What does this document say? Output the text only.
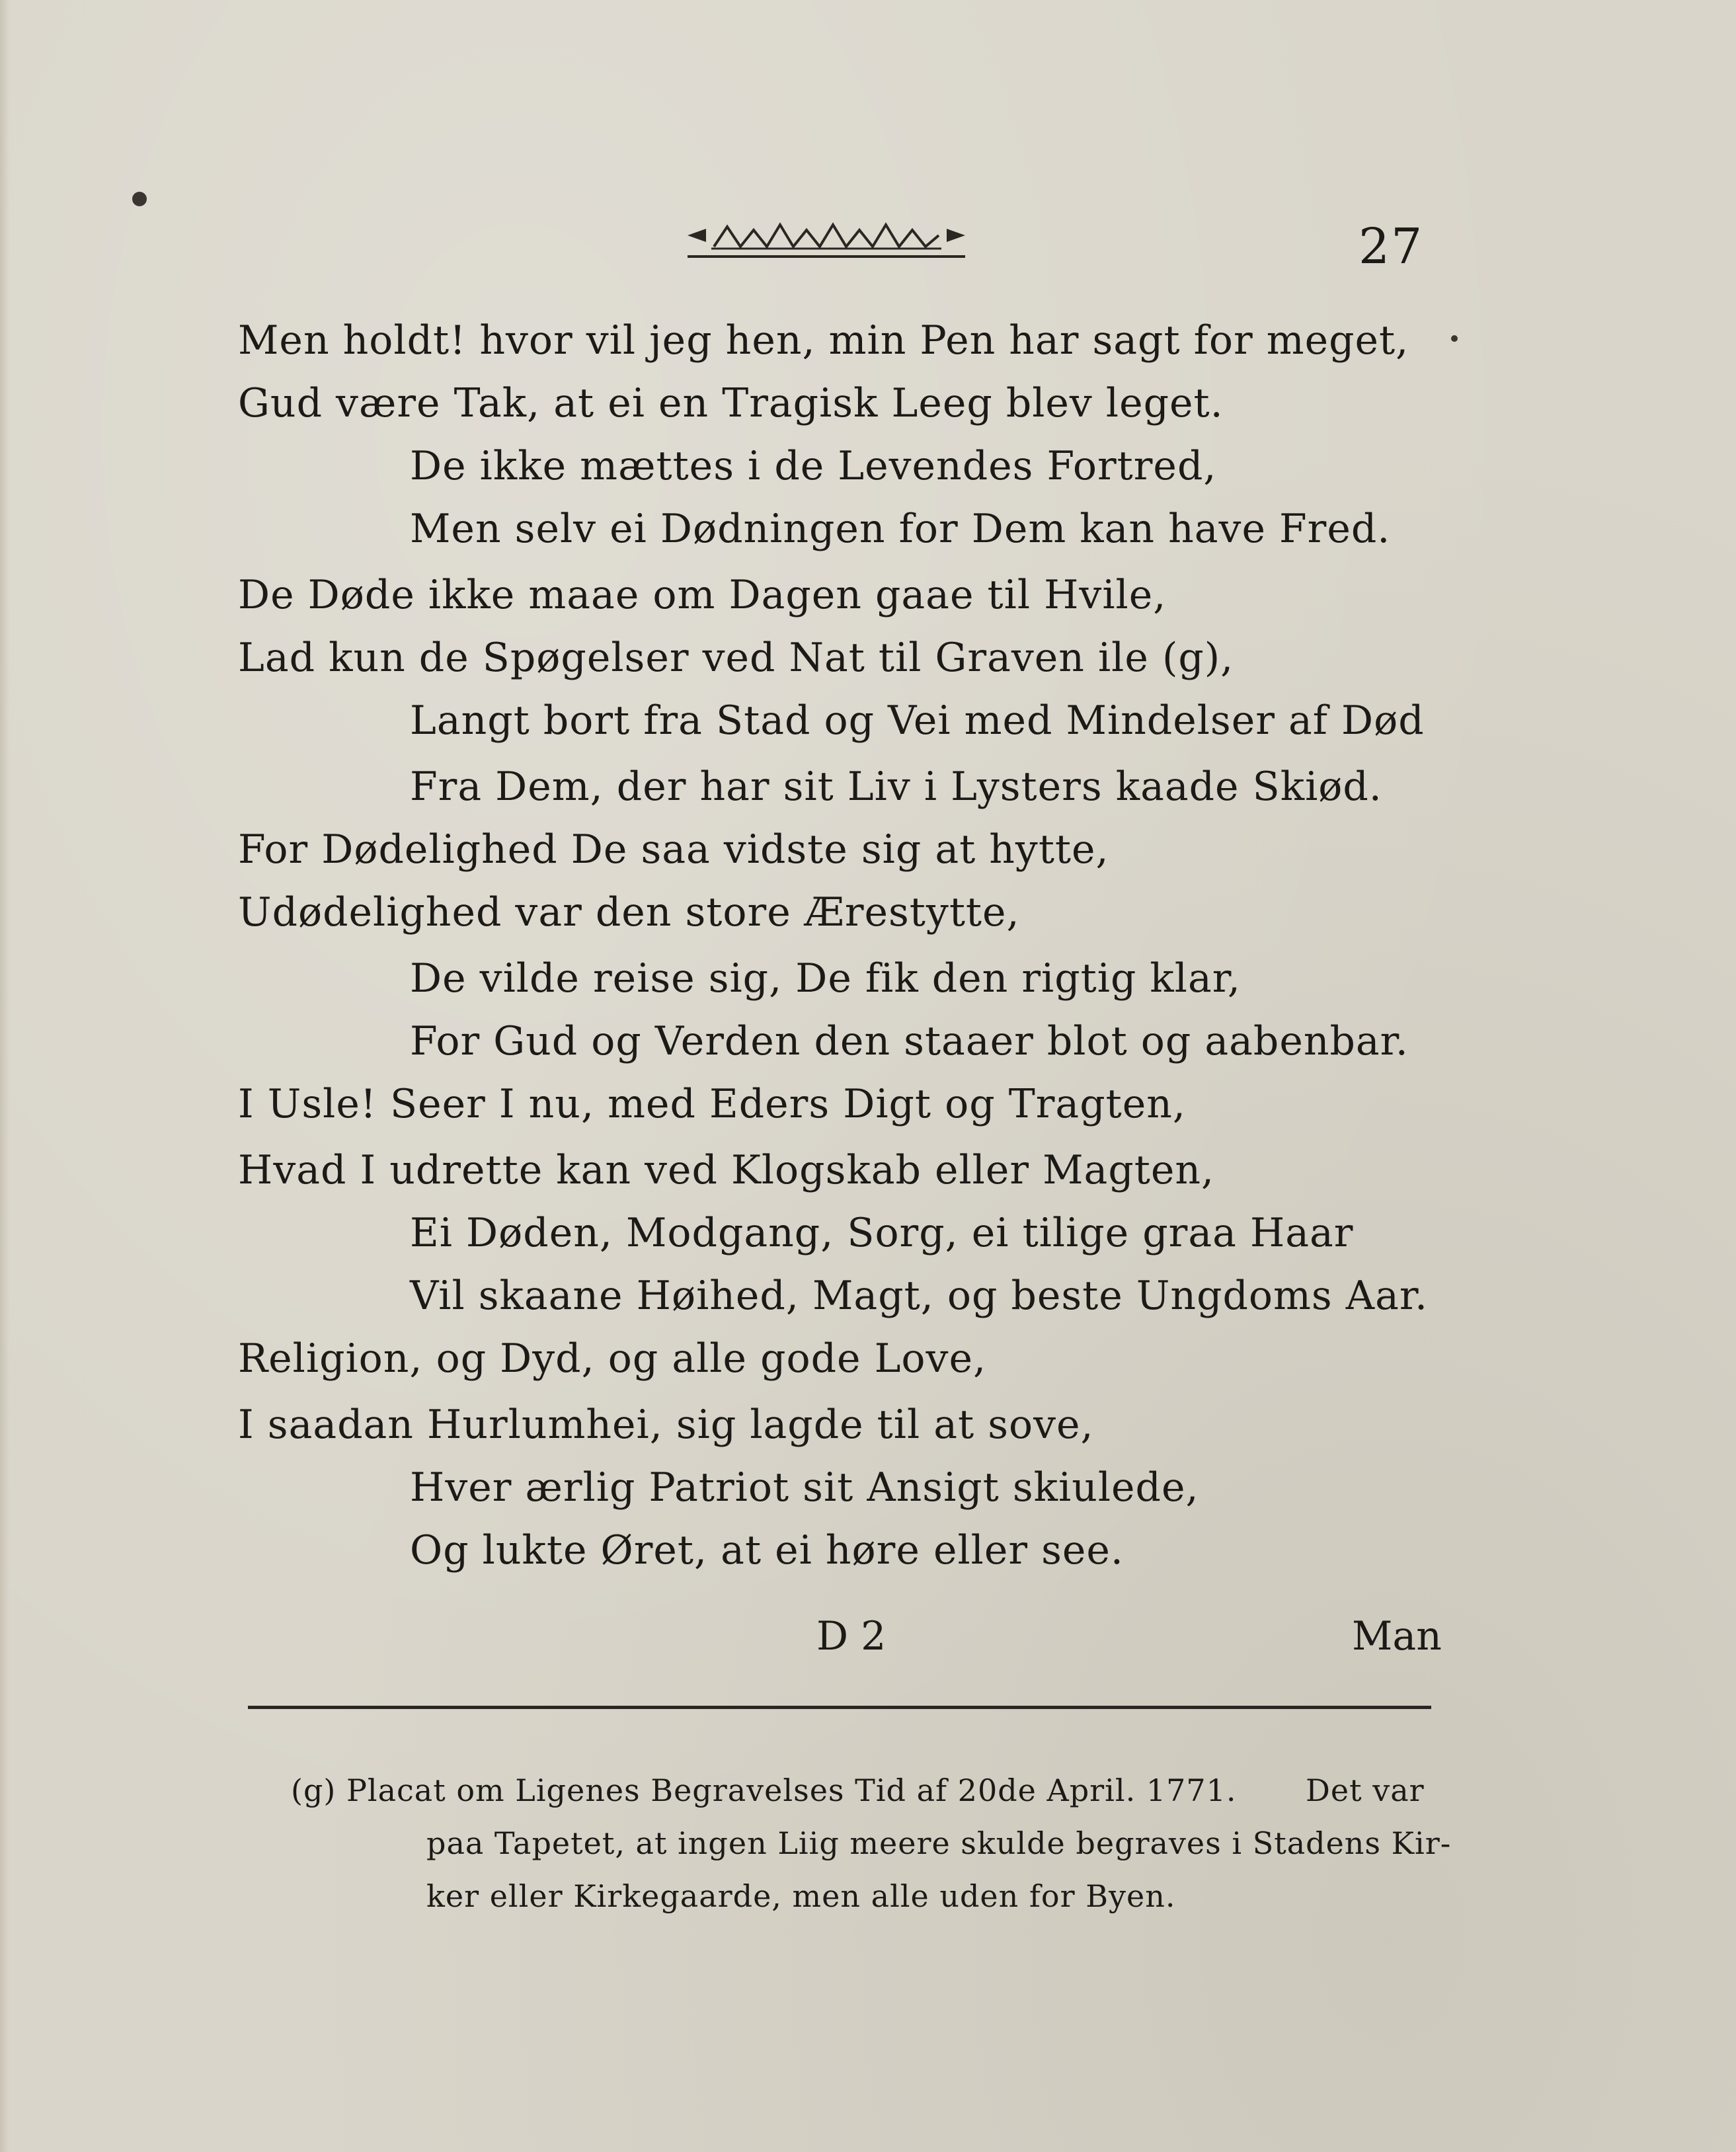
27
Men holdt! hvor vil jeg hen, min Pen har sagt for meget,
Gud være Tak, at ei en Tragisk Leeg blev leget.
De ikke mættes i de Levendes Fortred,
Men selv ei Dødningen for Dem kan have Fred.
De Døde ikke maae om Dagen gaae til Hvile,
Lad kun de Spøgelser ved Nat til Graven ile (g),
Langt bort fra Stad og Vei med Mindelser af Død
Fra Dem, der har sit Liv i Lysters kaade Skiød.
For Dødelighed De saa vidste sig at hytte,
Udødelighed var den store Ærestytte,
De vilde reise sig, De fik den rigtig klar,
For Gud og Verden den staaer blot og aabenbar.
I Usle! Seer I nu, med Eders Digt og Tragten,
Hvad I udrette kan ved Klogskab eller Magten,
Ei Døden, Modgang, Sorg, ei tilige graa Haar
Vil skaane Høihed, Magt, og beste Ungdoms Aar.
Religion, og Dyd, og alle gode Love,
I saadan Hurlumhei, sig lagde til at sove,
Hver ærlig Patriot sit Ansigt skiulede,
Og lukte Øret, at ei høre eller see.
D 2	Man
(g) Placat om Ligenes Begravelses Tid af 20de April. 1771. Det var
paa Tapetet, at ingen Liig meere skulde begraves i Stadens Kir-
ker eller Kirkegaarde, men alle uden for Byen.
